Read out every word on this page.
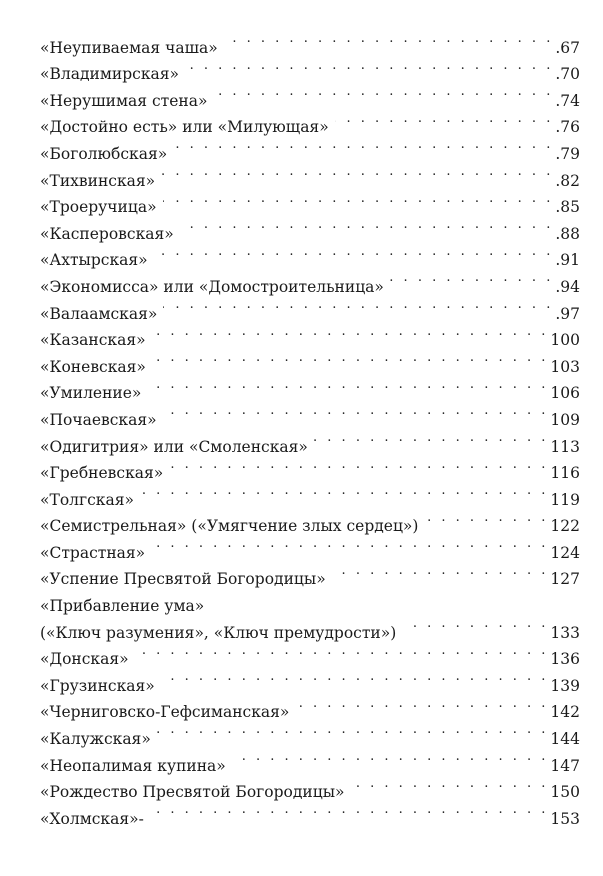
«Неупиваемая чаша» . . .	.67
«Владимирская» . . .	.70
«Нерушимая стена» . . .	.74
«Достойно есть» или «Милующая» . . .	.76
«Боголюбская» . . .	.79
«Тихвинская» . . .	.82
«Троеручица» . . .	.85
«Касперовская» . . .	.88
«Ахтырская» . . .	.91
«Экономисса» или «Домостроительница» . . .	.94
«Валаамская» . . .	.97
«Казанская» . . .	100
«Коневская» . . .	103
«Умиление» . . .	106
«Почаевская» . . .	109
«Одигитрия» или «Смоленская» . . .	113
«Гребневская» . . .	116
«Толгская» . . .	119
«Семистрельная» («Умягчение злых сердец») . . .	122
«Страстная» . . .	124
«Успение Пресвятой Богородицы» . . .	127
«Прибавление ума»
(«Ключ разумения», «Ключ премудрости») . . .	133
«Донская» . . .	136
«Грузинская» . . .	139
«Черниговско-Гефсиманская» . . .	142
«Калужская» . . .	144
«Неопалимая купина» . . .	147
«Рождество Пресвятой Богородицы» . . .	150
«Холмская»- . . .	153
